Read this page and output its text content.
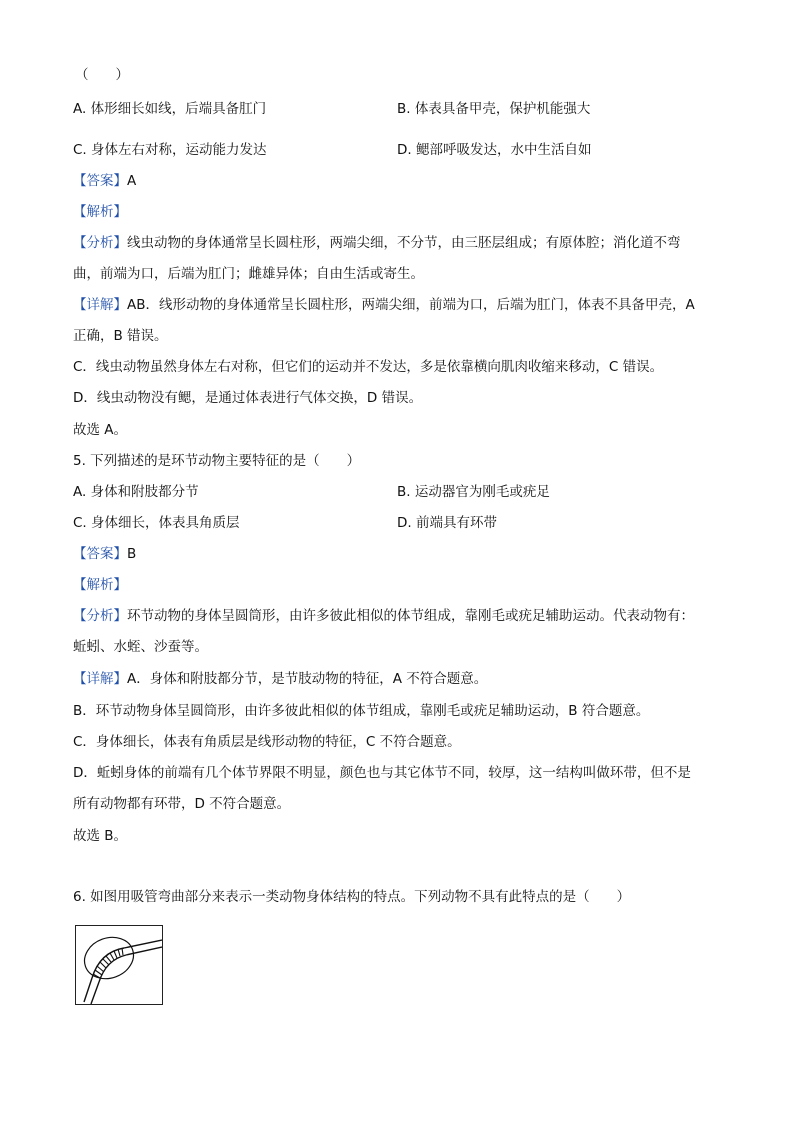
（　　）
A. 体形细长如线，后端具备肛门	B. 体表具备甲壳，保护机能强大
C. 身体左右对称，运动能力发达	D. 鳃部呼吸发达，水中生活自如
【答案】A
【解析】
【分析】线虫动物的身体通常呈长圆柱形，两端尖细，不分节，由三胚层组成；有原体腔；消化道不弯
曲，前端为口，后端为肛门；雌雄异体；自由生活或寄生。
【详解】AB．线形动物的身体通常呈长圆柱形，两端尖细，前端为口，后端为肛门，体表不具备甲壳，A
正确，B 错误。
C．线虫动物虽然身体左右对称，但它们的运动并不发达，多是依靠横向肌肉收缩来移动，C 错误。
D．线虫动物没有鳃，是通过体表进行气体交换，D 错误。
故选 A。
5. 下列描述的是环节动物主要特征的是（　　）
A. 身体和附肢都分节	B. 运动器官为刚毛或疣足
C. 身体细长，体表具角质层	D. 前端具有环带
【答案】B
【解析】
【分析】环节动物的身体呈圆筒形，由许多彼此相似的体节组成，靠刚毛或疣足辅助运动。代表动物有：
蚯蚓、水蛭、沙蚕等。
【详解】A．身体和附肢都分节，是节肢动物的特征，A 不符合题意。
B．环节动物身体呈圆筒形，由许多彼此相似的体节组成，靠刚毛或疣足辅助运动，B 符合题意。
C．身体细长，体表有角质层是线形动物的特征，C 不符合题意。
D．蚯蚓身体的前端有几个体节界限不明显，颜色也与其它体节不同，较厚，这一结构叫做环带，但不是
所有动物都有环带，D 不符合题意。
故选 B。
6. 如图用吸管弯曲部分来表示一类动物身体结构的特点。下列动物不具有此特点的是（　　）
